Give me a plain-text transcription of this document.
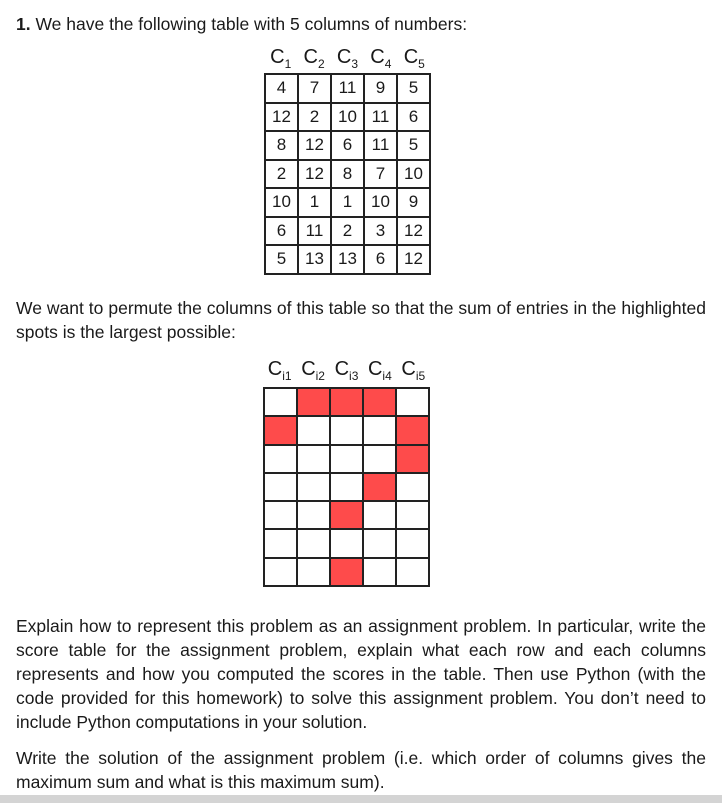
1. We have the following table with 5 columns of numbers:
$C_1$ $C_2$ $C_3$ $C_4$ $C_5$
4	7	11	9	5
12	2	10	11	6
8	12	6	11	5
2	12	8	7	10
10	1	1	10	9
6	11	2	3	12
5	13	13	6	12
We want to permute the columns of this table so that the sum of entries in the highlighted spots is the largest possible:
$C_{i1}$ $C_{i2}$ $C_{i3}$ $C_{i4}$ $C_{i5}$

Explain how to represent this problem as an assignment problem. In particular, write the score table for the assignment problem, explain what each row and each columns represents and how you computed the scores in the table. Then use Python (with the code provided for this homework) to solve this assignment problem. You don’t need to include Python computations in your solution.
Write the solution of the assignment problem (i.e. which order of columns gives the maximum sum and what is this maximum sum).
